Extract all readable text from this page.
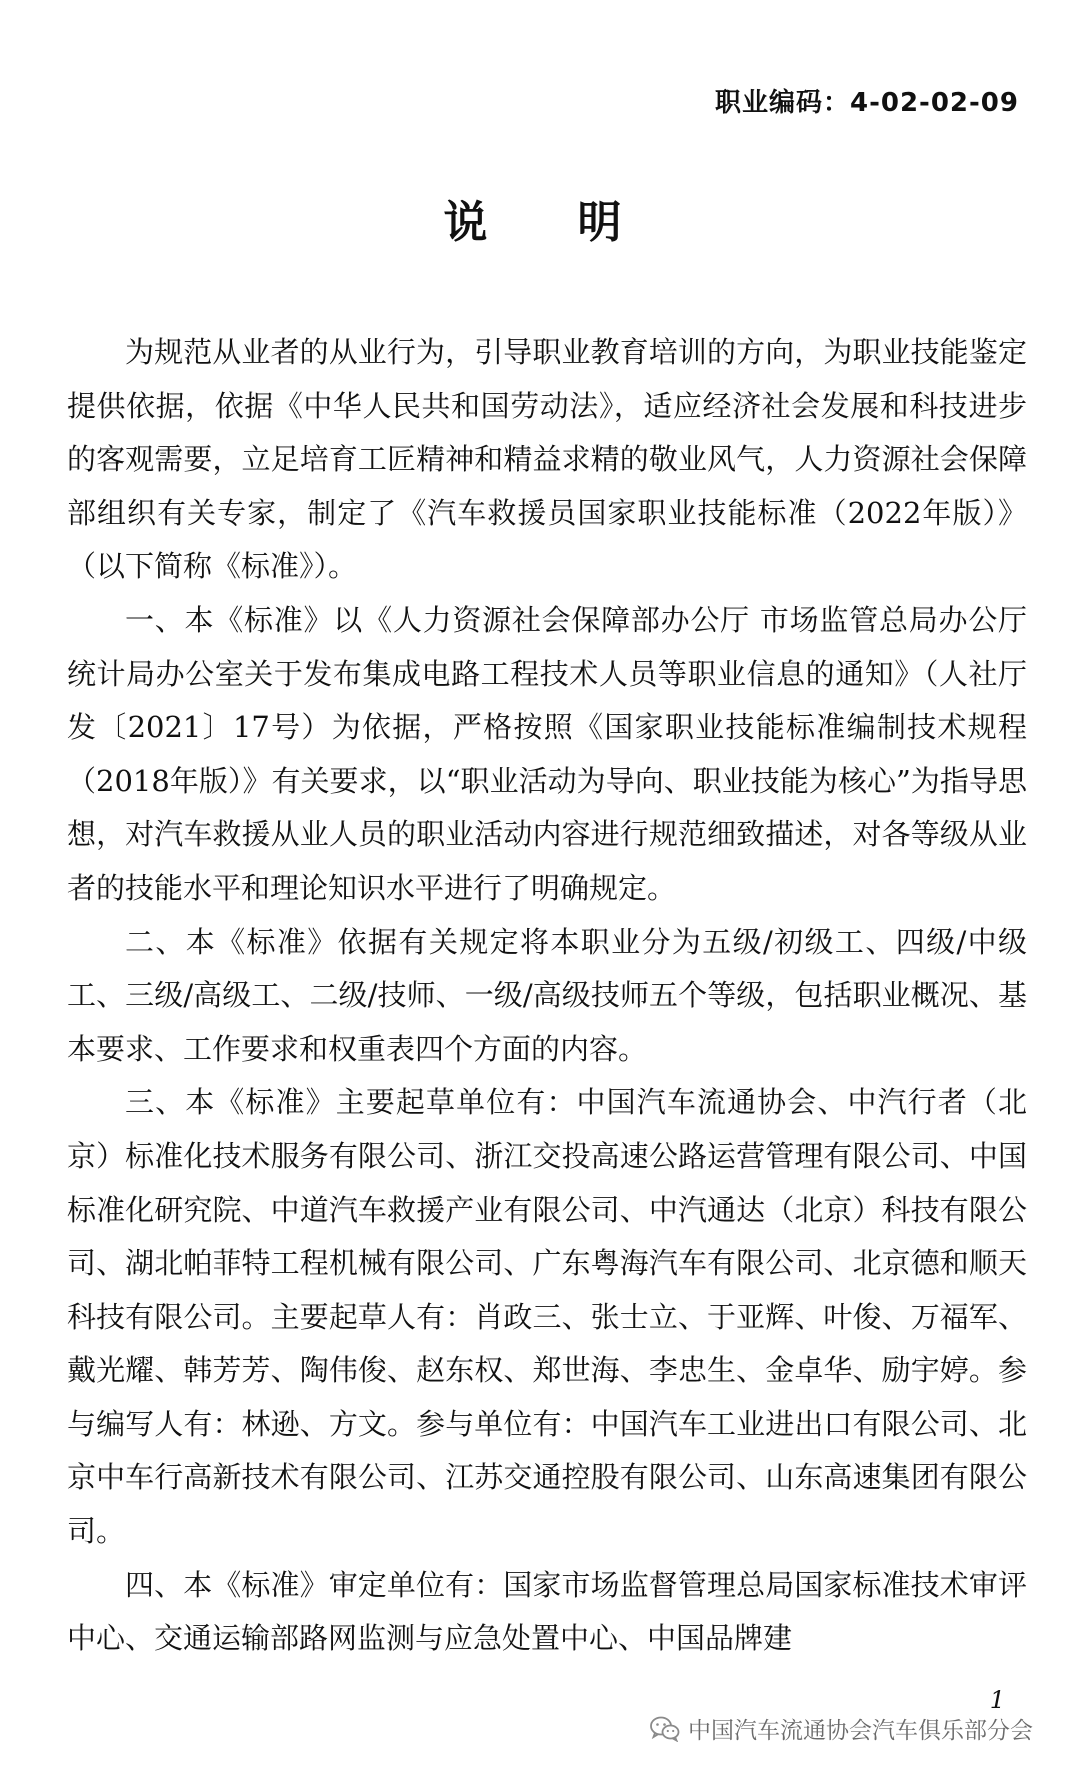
职业编码：4-02-02-09
说明

为规范从业者的从业行为，引导职业教育培训的方向，为职业技能鉴定提供依据，依据《中华人民共和国劳动法》，适应经济社会发展和科技进步的客观需要，立足培育工匠精神和精益求精的敬业风气，人力资源社会保障部组织有关专家，制定了《汽车救援员国家职业技能标准（2022年版）》（以下简称《标准》）。

一、本《标准》以《人力资源社会保障部办公厅 市场监管总局办公厅 统计局办公室关于发布集成电路工程技术人员等职业信息的通知》（人社厅发〔2021〕17号）为依据，严格按照《国家职业技能标准编制技术规程（2018年版）》有关要求，以“职业活动为导向、职业技能为核心”为指导思想，对汽车救援从业人员的职业活动内容进行规范细致描述，对各等级从业者的技能水平和理论知识水平进行了明确规定。

二、本《标准》依据有关规定将本职业分为五级/初级工、四级/中级工、三级/高级工、二级/技师、一级/高级技师五个等级，包括职业概况、基本要求、工作要求和权重表四个方面的内容。

三、本《标准》主要起草单位有：中国汽车流通协会、中汽行者（北京）标准化技术服务有限公司、浙江交投高速公路运营管理有限公司、中国标准化研究院、中道汽车救援产业有限公司、中汽通达（北京）科技有限公司、湖北帕菲特工程机械有限公司、广东粤海汽车有限公司、北京德和顺天科技有限公司。主要起草人有：肖政三、张士立、于亚辉、叶俊、万福军、戴光耀、韩芳芳、陶伟俊、赵东权、郑世海、李忠生、金卓华、励宇婷。参与编写人有：林逊、方文。参与单位有：中国汽车工业进出口有限公司、北京中车行高新技术有限公司、江苏交通控股有限公司、山东高速集团有限公司。

四、本《标准》审定单位有：国家市场监督管理总局国家标准技术审评中心、交通运输部路网监测与应急处置中心、中国品牌建

1
中国汽车流通协会汽车俱乐部分会
